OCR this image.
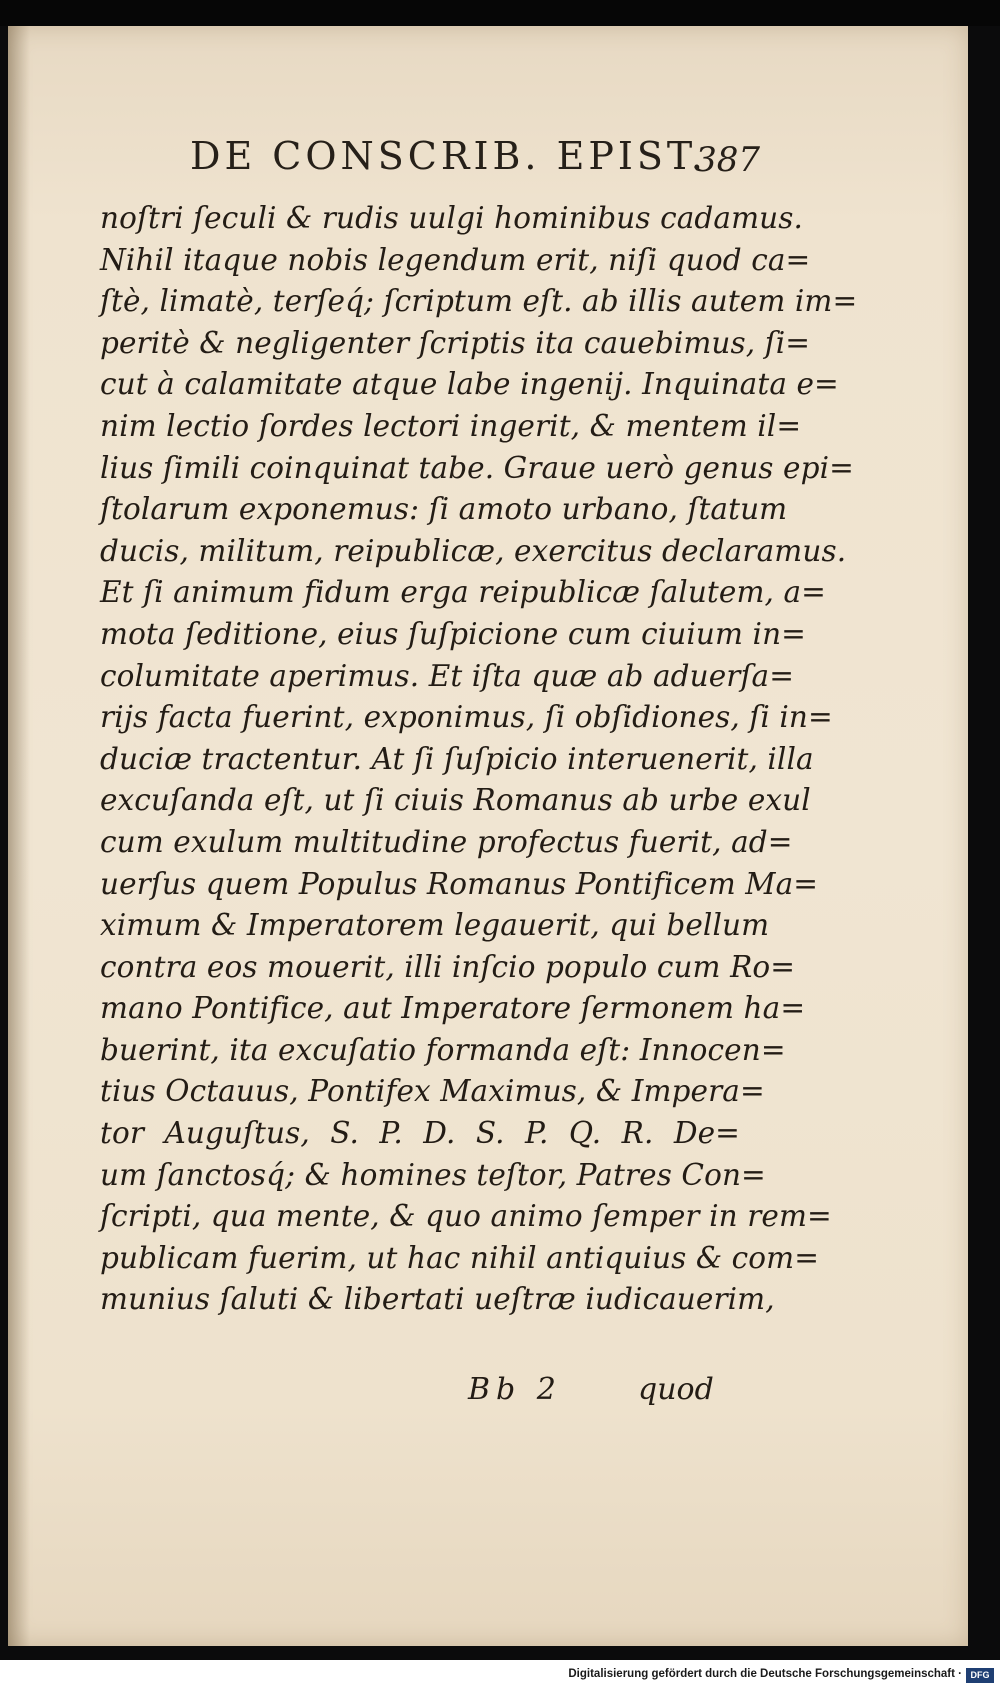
DE CONSCRIB. EPIST.
387
noſtri ſeculi & rudis uulgi hominibus cadamus.
Nihil itaque nobis legendum erit, niſi quod ca=
ſtè, limatè, terſeq́; ſcriptum eſt. ab illis autem im=
peritè & negligenter ſcriptis ita cauebimus, ſi=
cut à calamitate atque labe ingenij. Inquinata e=
nim lectio ſordes lectori ingerit, & mentem il=
lius ſimili coinquinat tabe. Graue uerò genus epi=
ſtolarum exponemus: ſi amoto urbano, ſtatum
ducis, militum, reipublicæ, exercitus declaramus.
Et ſi animum fidum erga reipublicæ ſalutem, a=
mota ſeditione, eius ſuſpicione cum ciuium in=
columitate aperimus. Et iſta quæ ab aduerſa=
rijs facta fuerint, exponimus, ſi obſidiones, ſi in=
duciæ tractentur. At ſi ſuſpicio interuenerit, illa
excuſanda eſt, ut ſi ciuis Romanus ab urbe exul
cum exulum multitudine profectus fuerit, ad=
uerſus quem Populus Romanus Pontificem Ma=
ximum & Imperatorem legauerit, qui bellum
contra eos mouerit, illi inſcio populo cum Ro=
mano Pontifice, aut Imperatore ſermonem ha=
buerint, ita excuſatio formanda eſt: Innocen=
tius Octauus, Pontifex Maximus, & Impera=
tor Auguſtus, S. P. D. S. P. Q. R. De=
um ſanctosq́; & homines teſtor, Patres Con=
ſcripti, qua mente, & quo animo ſemper in rem=
publicam fuerim, ut hac nihil antiquius & com=
munius ſaluti & libertati ueſtræ iudicauerim,
Bb 2	quod
Digitalisierung gefördert durch die Deutsche Forschungsgemeinschaft · DFG
